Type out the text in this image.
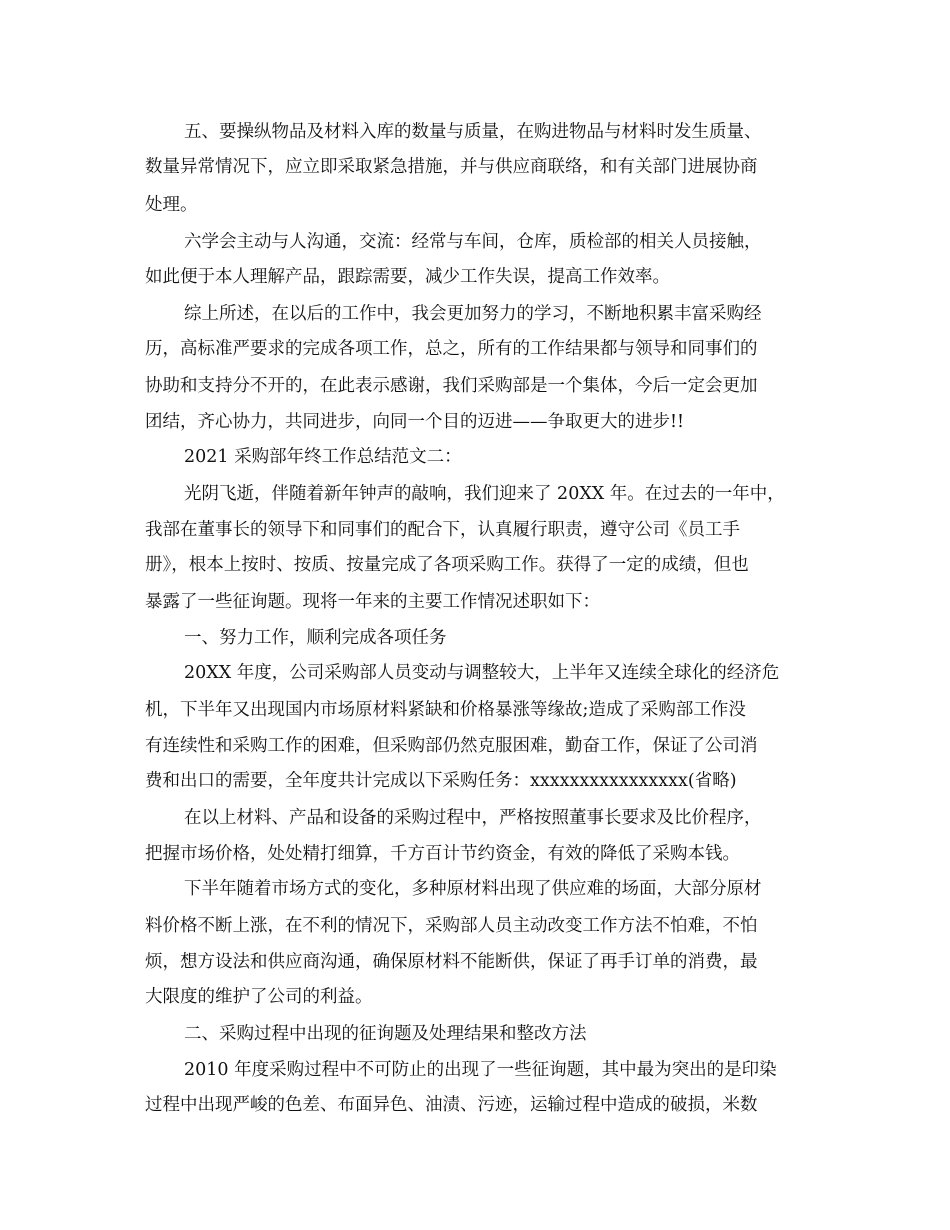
五、要操纵物品及材料入库的数量与质量，在购进物品与材料时发生质量、
数量异常情况下，应立即采取紧急措施，并与供应商联络，和有关部门进展协商
处理。
六学会主动与人沟通，交流：经常与车间，仓库，质检部的相关人员接触，
如此便于本人理解产品，跟踪需要，减少工作失误，提高工作效率。
综上所述，在以后的工作中，我会更加努力的学习，不断地积累丰富采购经
历，高标准严要求的完成各项工作，总之，所有的工作结果都与领导和同事们的
协助和支持分不开的，在此表示感谢，我们采购部是一个集体，今后一定会更加
团结，齐心协力，共同进步，向同一个目的迈进——争取更大的进步!!
2021 采购部年终工作总结范文二：
光阴飞逝，伴随着新年钟声的敲响，我们迎来了 20XX 年。在过去的一年中，
我部在董事长的领导下和同事们的配合下，认真履行职责，遵守公司《员工手
册》，根本上按时、按质、按量完成了各项采购工作。获得了一定的成绩，但也
暴露了一些征询题。现将一年来的主要工作情况述职如下：
一、努力工作，顺利完成各项任务
20XX 年度，公司采购部人员变动与调整较大，上半年又连续全球化的经济危
机，下半年又出现国内市场原材料紧缺和价格暴涨等缘故;造成了采购部工作没
有连续性和采购工作的困难，但采购部仍然克服困难，勤奋工作，保证了公司消
费和出口的需要，全年度共计完成以下采购任务：xxxxxxxxxxxxxxxx(省略)
在以上材料、产品和设备的采购过程中，严格按照董事长要求及比价程序，
把握市场价格，处处精打细算，千方百计节约资金，有效的降低了采购本钱。
下半年随着市场方式的变化，多种原材料出现了供应难的场面，大部分原材
料价格不断上涨，在不利的情况下，采购部人员主动改变工作方法不怕难，不怕
烦，想方设法和供应商沟通，确保原材料不能断供，保证了再手订单的消费，最
大限度的维护了公司的利益。
二、采购过程中出现的征询题及处理结果和整改方法
2010 年度采购过程中不可防止的出现了一些征询题，其中最为突出的是印染
过程中出现严峻的色差、布面异色、油渍、污迹，运输过程中造成的破损，米数
